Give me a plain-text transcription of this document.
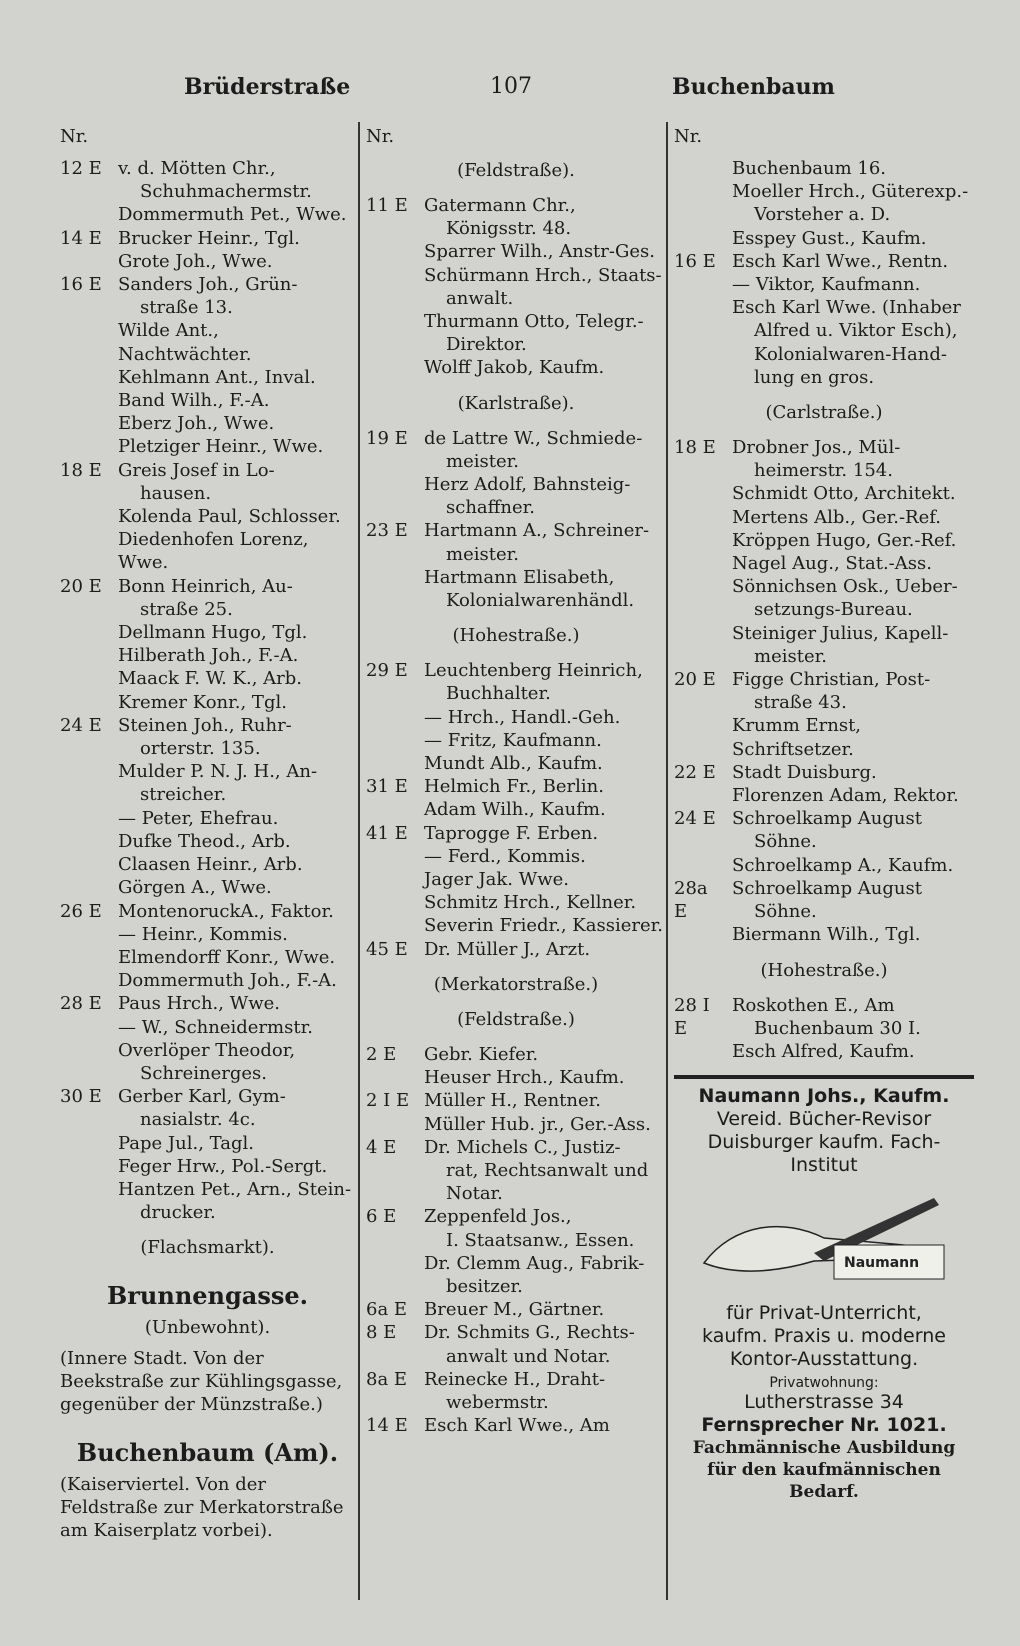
Brüderstraße	107	Buchenbaum
Nr.
12 E v. d. Mötten Chr.,
Schuhmachermstr.
Dommermuth Pet., Wwe.
14 E Brucker Heinr., Tgl.
Grote Joh., Wwe.
16 E Sanders Joh., Grün-
straße 13.
Wilde Ant., Nachtwächter.
Kehlmann Ant., Inval.
Band Wilh., F.-A.
Eberz Joh., Wwe.
Pletziger Heinr., Wwe.
18 E Greis Josef in Lo-
hausen.
Kolenda Paul, Schlosser.
Diedenhofen Lorenz, Wwe.
20 E Bonn Heinrich, Au-
straße 25.
Dellmann Hugo, Tgl.
Hilberath Joh., F.-A.
Maack F. W. K., Arb.
Kremer Konr., Tgl.
24 E Steinen Joh., Ruhr-
orterstr. 135.
Mulder P. N. J. H., An-
streicher.
— Peter, Ehefrau.
Dufke Theod., Arb.
Claasen Heinr., Arb.
Görgen A., Wwe.
26 E MontenoruckA., Faktor.
— Heinr., Kommis.
Elmendorff Konr., Wwe.
Dommermuth Joh., F.-A.
28 E Paus Hrch., Wwe.
— W., Schneidermstr.
Overlöper Theodor,
Schreinerges.
30 E Gerber Karl, Gym-
nasialstr. 4c.
Pape Jul., Tagl.
Feger Hrw., Pol.-Sergt.
Hantzen Pet., Arn., Stein-
drucker.
(Flachsmarkt).
Brunnengasse.
(Unbewohnt).
(Innere Stadt. Von der Beekstraße zur Kühlingsgasse, gegenüber der Münzstraße.)
Buchenbaum (Am).
(Kaiserviertel. Von der Feldstraße zur Merkatorstraße am Kaiserplatz vorbei).
Nr.
(Feldstraße).
11 E Gatermann Chr.,
Königsstr. 48.
Sparrer Wilh., Anstr-Ges.
Schürmann Hrch., Staats-
anwalt.
Thurmann Otto, Telegr.-
Direktor.
Wolff Jakob, Kaufm.
(Karlstraße).
19 E de Lattre W., Schmiede-
meister.
Herz Adolf, Bahnsteig-
schaffner.
23 E Hartmann A., Schreiner-
meister.
Hartmann Elisabeth,
Kolonialwarenhändl.
(Hohestraße.)
29 E Leuchtenberg Heinrich,
Buchhalter.
— Hrch., Handl.-Geh.
— Fritz, Kaufmann.
Mundt Alb., Kaufm.
31 E Helmich Fr., Berlin.
Adam Wilh., Kaufm.
41 E Taprogge F. Erben.
— Ferd., Kommis.
Jager Jak. Wwe.
Schmitz Hrch., Kellner.
Severin Friedr., Kassierer.
45 E Dr. Müller J., Arzt.
(Merkatorstraße.)
(Feldstraße.)
2 E	Gebr. Kiefer.
Heuser Hrch., Kaufm.
2 I E Müller H., Rentner.
Müller Hub. jr., Ger.-Ass.
4 E	Dr. Michels C., Justiz-
rat, Rechtsanwalt und
Notar.
6 E	Zeppenfeld Jos.,
I. Staatsanw., Essen.
Dr. Clemm Aug., Fabrik-
besitzer.
6a E Breuer M., Gärtner.
8 E	Dr. Schmits G., Rechts-
anwalt und Notar.
8a E Reinecke H., Draht-
webermstr.
14 E Esch Karl Wwe., Am
Nr.
Buchenbaum 16.
Moeller Hrch., Güterexp.-
Vorsteher a. D.
Esspey Gust., Kaufm.
16 E Esch Karl Wwe., Rentn.
— Viktor, Kaufmann.
Esch Karl Wwe. (Inhaber
Alfred u. Viktor Esch),
Kolonialwaren-Hand-
lung en gros.
(Carlstraße.)
18 E Drobner Jos., Mül-
heimerstr. 154.
Schmidt Otto, Architekt.
Mertens Alb., Ger.-Ref.
Kröppen Hugo, Ger.-Ref.
Nagel Aug., Stat.-Ass.
Sönnichsen Osk., Ueber-
setzungs-Bureau.
Steiniger Julius, Kapell-
meister.
20 E Figge Christian, Post-
straße 43.
Krumm Ernst, Schriftsetzer.
22 E Stadt Duisburg.
Florenzen Adam, Rektor.
24 E Schroelkamp August
Söhne.
Schroelkamp A., Kaufm.
28a E
Schroelkamp August
Söhne.
Biermann Wilh., Tgl.
(Hohestraße.)
28 I E
Roskothen E., Am
Buchenbaum 30 I.
Esch Alfred, Kaufm.
Naumann Johs., Kaufm.
Vereid. Bücher-Revisor
Duisburger kaufm. Fach-
Institut
Naumann
für Privat-Unterricht,
kaufm. Praxis u. moderne
Kontor-Ausstattung.
Privatwohnung:
Lutherstrasse 34
Fernsprecher Nr. 1021.
Fachmännische Ausbildung
für den kaufmännischen Bedarf.
